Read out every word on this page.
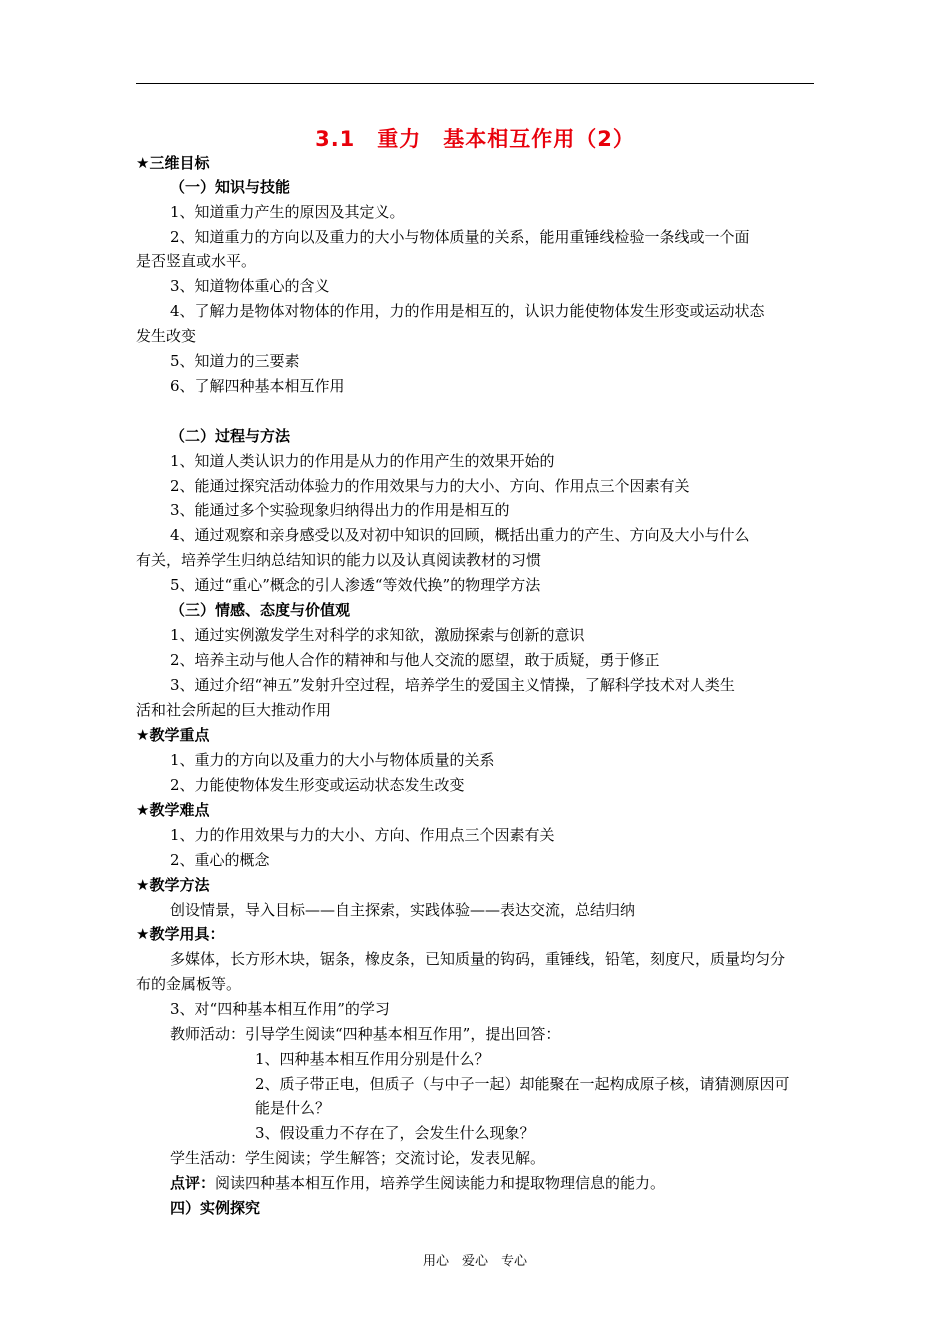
3.1　重力　基本相互作用（2）
★三维目标
（一）知识与技能
1、知道重力产生的原因及其定义。
2、知道重力的方向以及重力的大小与物体质量的关系，能用重锤线检验一条线或一个面
是否竖直或水平。
3、知道物体重心的含义
4、了解力是物体对物体的作用，力的作用是相互的，认识力能使物体发生形变或运动状态
发生改变
5、知道力的三要素
6、了解四种基本相互作用
（二）过程与方法
1、知道人类认识力的作用是从力的作用产生的效果开始的
2、能通过探究活动体验力的作用效果与力的大小、方向、作用点三个因素有关
3、能通过多个实验现象归纳得出力的作用是相互的
4、通过观察和亲身感受以及对初中知识的回顾，概括出重力的产生、方向及大小与什么
有关，培养学生归纳总结知识的能力以及认真阅读教材的习惯
5、通过“重心”概念的引人渗透“等效代换”的物理学方法
（三）情感、态度与价值观
1、通过实例激发学生对科学的求知欲，激励探索与创新的意识
2、培养主动与他人合作的精神和与他人交流的愿望，敢于质疑，勇于修正
3、通过介绍“神五”发射升空过程，培养学生的爱国主义情操，了解科学技术对人类生
活和社会所起的巨大推动作用
★教学重点
1、重力的方向以及重力的大小与物体质量的关系
2、力能使物体发生形变或运动状态发生改变
★教学难点
1、力的作用效果与力的大小、方向、作用点三个因素有关
2、重心的概念
★教学方法
创设情景，导入目标——自主探索，实践体验——表达交流，总结归纳
★教学用具：
多媒体，长方形木块，锯条，橡皮条，已知质量的钩码，重锤线，铅笔，刻度尺，质量均匀分
布的金属板等。
3、对“四种基本相互作用”的学习
教师活动：引导学生阅读“四种基本相互作用”，提出回答：
1、四种基本相互作用分别是什么？
2、质子带正电，但质子（与中子一起）却能聚在一起构成原子核，请猜测原因可
能是什么？
3、假设重力不存在了，会发生什么现象？
学生活动：学生阅读；学生解答；交流讨论，发表见解。
点评：阅读四种基本相互作用，培养学生阅读能力和提取物理信息的能力。
四）实例探究
用心　爱心　专心
